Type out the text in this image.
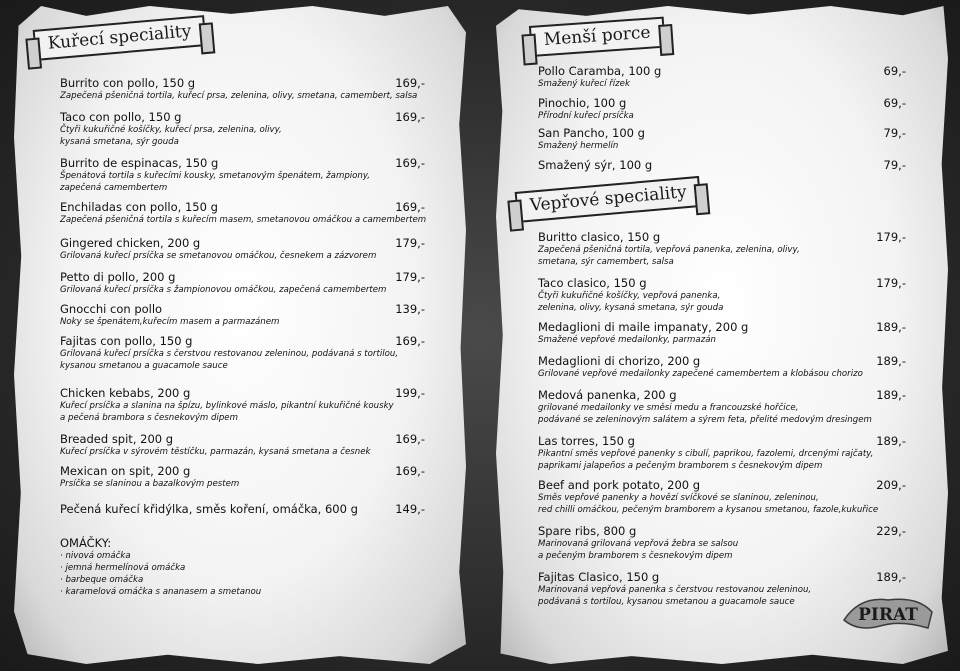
Kuřecí speciality
Burrito con pollo, 150 g	169,-
Zapečená pšeničná tortila, kuřecí prsa, zelenina, olivy, smetana, camembert, salsa
Taco con pollo, 150 g	169,-
Čtyři kukuřičné košíčky, kuřecí prsa, zelenina, olivy,
kysaná smetana, sýr gouda
Burrito de espinacas, 150 g	169,-
Špenátová tortila s kuřecími kousky, smetanovým špenátem, žampiony,
zapečená camembertem
Enchiladas con pollo, 150 g	169,-
Zapečená pšeničná tortila s kuřecím masem, smetanovou omáčkou a camembertem
Gingered chicken, 200 g	179,-
Grilovaná kuřecí prsíčka se smetanovou omáčkou, česnekem a zázvorem
Petto di pollo, 200 g	179,-
Grilovaná kuřecí prsíčka s žampionovou omáčkou, zapečená camembertem
Gnocchi con pollo	139,-
Noky se špenátem,kuřecím masem a parmazánem
Fajitas con pollo, 150 g	169,-
Grilovaná kuřecí prsíčka s čerstvou restovanou zeleninou, podávaná s tortilou,
kysanou smetanou a guacamole sauce
Chicken kebabs, 200 g	199,-
Kuřecí prsíčka a slanina na špízu, bylinkové máslo, pikantní kukuřičné kousky
a pečená brambora s česnekovým dipem
Breaded spit, 200 g	169,-
Kuřecí prsíčka v sýrovém těstíčku, parmazán, kysaná smetana a česnek
Mexican on spit, 200 g	169,-
Prsíčka se slaninou a bazalkovým pestem
Pečená kuřecí křidýlka, směs koření, omáčka, 600 g	149,-
OMÁČKY:
· nivová omáčka
· jemná hermelínová omáčka
· barbeque omáčka
· karamelová omáčka s ananasem a smetanou
Menší porce
Pollo Caramba, 100 g	69,-
Smažený kuřecí řízek
Pinochio, 100 g	69,-
Přírodní kuřecí prsíčka
San Pancho, 100 g	79,-
Smažený hermelín
Smažený sýr, 100 g	79,-
Vepřové speciality
Buritto clasico, 150 g	179,-
Zapečená pšeničná tortila, vepřová panenka, zelenina, olivy,
smetana, sýr camembert, salsa
Taco clasico, 150 g	179,-
Čtyři kukuřičné košíčky, vepřová panenka,
zelenina, olivy, kysaná smetana, sýr gouda
Medaglioni di maile impanaty, 200 g	189,-
Smažené vepřové medailonky, parmazán
Medaglioni di chorizo, 200 g	189,-
Grilované vepřové medailonky zapečené camembertem a klobásou chorizo
Medová panenka, 200 g	189,-
grilované medailonky ve směsi medu a francouzské hořčice,
podávané se zeleninovým salátem a sýrem feta, přelité medovým dresingem
Las torres, 150 g	189,-
Pikantní směs vepřové panenky s cibulí, paprikou, fazolemi, drcenými rajčaty,
paprikami jalapeños a pečeným bramborem s česnekovým dipem
Beef and pork potato, 200 g	209,-
Směs vepřové panenky a hovězí svíčkové se slaninou, zeleninou,
red chilli omáčkou, pečeným bramborem a kysanou smetanou, fazole,kukuřice
Spare ribs, 800 g	229,-
Marinovaná grilovaná vepřová žebra se salsou
a pečeným bramborem s česnekovým dipem
Fajitas Clasico, 150 g	189,-
Marinovaná vepřová panenka s čerstvou restovanou zeleninou,
podávaná s tortilou, kysanou smetanou a guacamole sauce
PIRAT
